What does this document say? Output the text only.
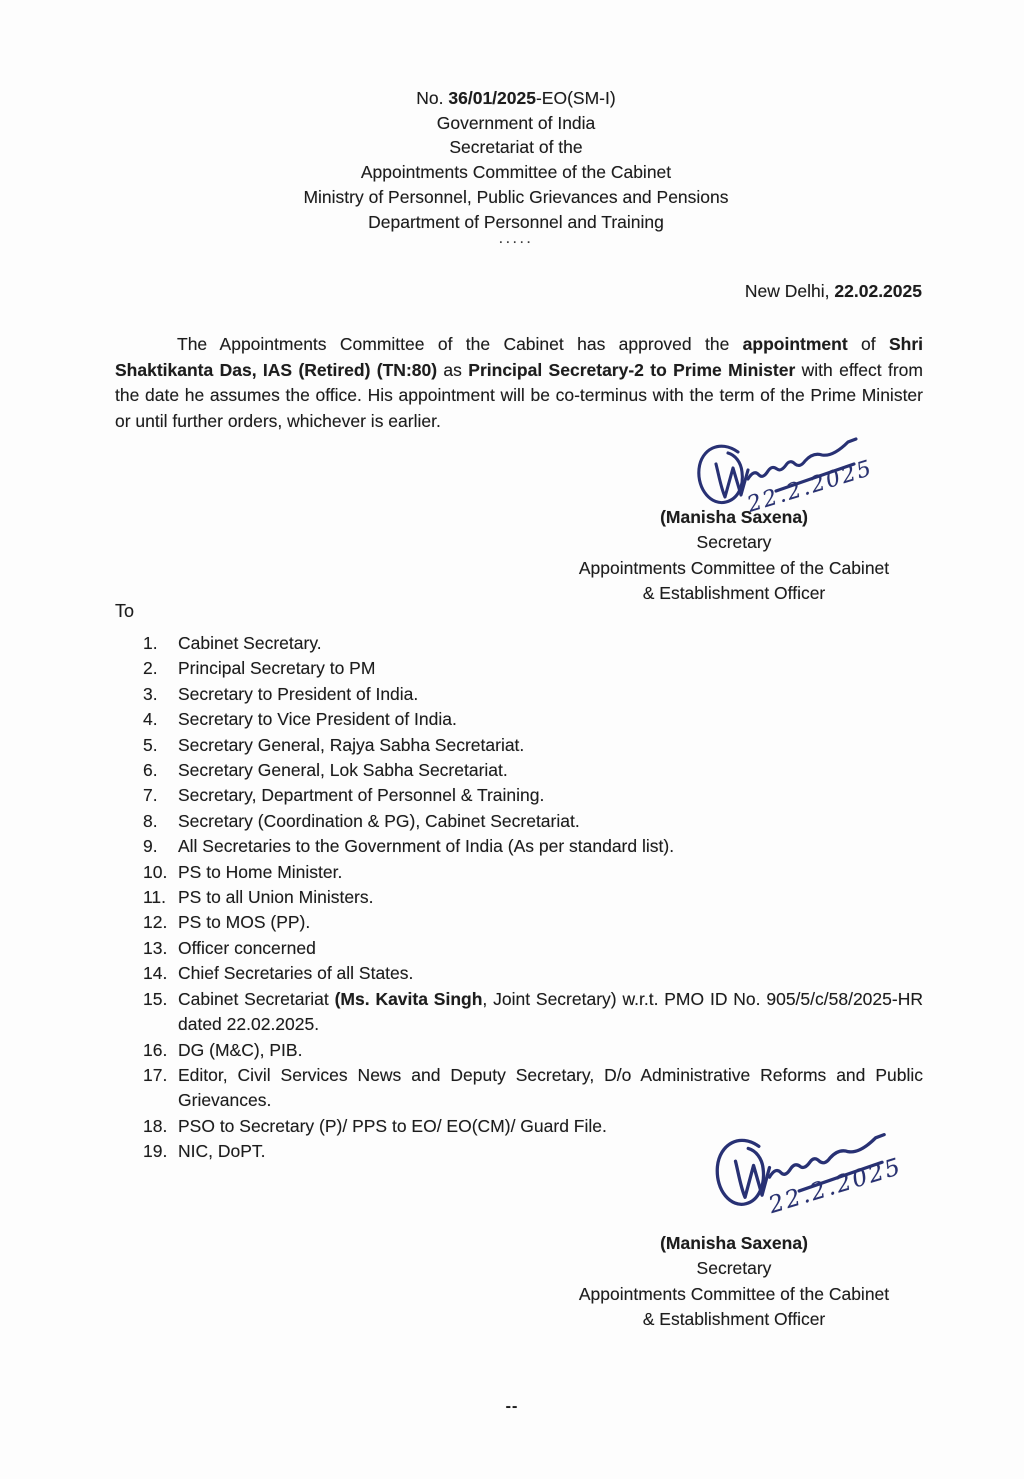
No. 36/01/2025-EO(SM-I)
Government of India
Secretariat of the
Appointments Committee of the Cabinet
Ministry of Personnel, Public Grievances and Pensions
Department of Personnel and Training
.....
New Delhi, 22.02.2025
The Appointments Committee of the Cabinet has approved the appointment of Shri Shaktikanta Das, IAS (Retired) (TN:80) as Principal Secretary-2 to Prime Minister with effect from the date he assumes the office. His appointment will be co-terminus with the term of the Prime Minister or until further orders, whichever is earlier.
22.2.2025
(Manisha Saxena)
Secretary
Appointments Committee of the Cabinet
& Establishment Officer
To
1.	Cabinet Secretary.
2.	Principal Secretary to PM
3.	Secretary to President of India.
4.	Secretary to Vice President of India.
5.	Secretary General, Rajya Sabha Secretariat.
6.	Secretary General, Lok Sabha Secretariat.
7.	Secretary, Department of Personnel & Training.
8.	Secretary (Coordination & PG), Cabinet Secretariat.
9.	All Secretaries to the Government of India (As per standard list).
10. PS to Home Minister.
11. PS to all Union Ministers.
12. PS to MOS (PP).
13. Officer concerned
14. Chief Secretaries of all States.
15. Cabinet Secretariat (Ms. Kavita Singh, Joint Secretary) w.r.t. PMO ID No. 905/5/c/58/2025-HR dated 22.02.2025.
16. DG (M&C), PIB.
17. Editor, Civil Services News and Deputy Secretary, D/o Administrative Reforms and Public Grievances.
18. PSO to Secretary (P)/ PPS to EO/ EO(CM)/ Guard File.
19. NIC, DoPT.
22.2.2025
(Manisha Saxena)
Secretary
Appointments Committee of the Cabinet
& Establishment Officer
--
